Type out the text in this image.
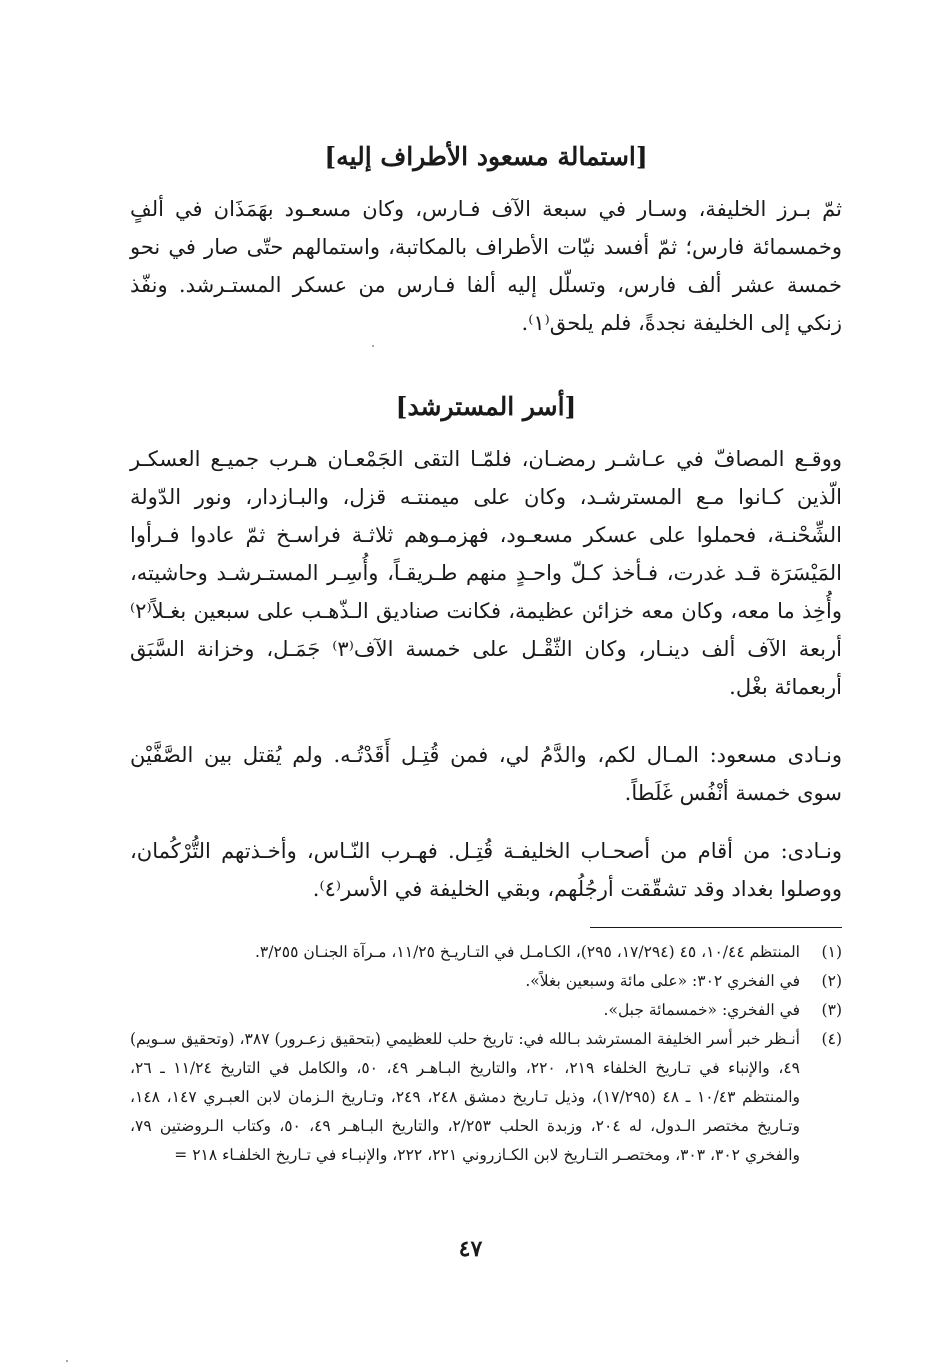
[استمالة مسعود الأطراف إليه]

ثمّ بـرز الخليفة، وسـار في سبعة الآف فـارس، وكان مسعـود بهَمَذَان في ألفٍ وخمسمائة فارس؛ ثمّ أفسد نيّات الأطراف بالمكاتبة، واستمالهم حتّى صار في نحو خمسة عشر ألف فارس، وتسلّل إليه ألفا فـارس من عسكر المستـرشد. ونفّذ زنكي إلى الخليفة نجدةً، فلم يلحق⁽١⁾.

[أسر المسترشد]

ووقـع المصافّ في عـاشـر رمضـان، فلمّـا التقى الجَمْعـان هـرب جميـع العسكـر الّذين كـانوا مـع المسترشـد، وكان على ميمنتـه قزل، والبـازدار، ونور الدّولة الشِّحْنـة، فحملوا على عسكر مسعـود، فهزمـوهم ثلاثـة فراسـخ ثمّ عادوا فـرأوا المَيْسَرَة قـد غدرت، فـأخذ كـلّ واحـدٍ منهم طـريقـاً، وأُسِـر المستـرشـد وحاشيته، وأُخِذ ما معه، وكان معه خزائن عظيمة، فكانت صناديق الـذّهـب على سبعين بغـلاً⁽٢⁾ أربعة الآف ألف دينـار، وكان الثّقْـل على خمسة الآف⁽٣⁾ جَمَـل، وخزانة السَّبَق أربعمائة بغْل.

ونـادى مسعود: المـال لكم، والدَّمُ لي، فمن قُتِـل أَقَدْتُـه. ولم يُقتل بين الصَّفَّيْن سوى خمسة أنْفُس غَلَطاً.

ونـادى: من أقام من أصحـاب الخليفـة قُتِـل. فهـرب النّـاس، وأخـذتهم التُّرْكُمان، ووصلوا بغداد وقد تشقّقت أرجُلُهم، وبقي الخليفة في الأسر⁽٤⁾.

(١)
المنتظم ١٠/٤٤، ٤٥ (١٧/٢٩٤، ٢٩٥)، الكـامـل في التـاريـخ ١١/٢٥، مـرآة الجنـان ٣/٢٥٥.
(٢)
في الفخري ٣٠٢: «على مائة وسبعين بغلاً».
(٣)
في الفخري: «خمسمائة جبل».
(٤)
أنـظر خبر أسر الخليفة المسترشد بـالله في: تاريخ حلب للعظيمي (بتحقيق زعـرور) ٣٨٧، (وتحقيق سـويم) ٤٩، والإنباء في تـاريخ الخلفاء ٢١٩، ٢٢٠، والتاريخ البـاهـر ٤٩، ٥٠، والكامل في التاريخ ١١/٢٤ ـ ٢٦، والمنتظم ١٠/٤٣ ـ ٤٨ (١٧/٢٩٥)، وذيل تـاريخ دمشق ٢٤٨، ٢٤٩، وتـاريخ الـزمان لابن العبـري ١٤٧، ١٤٨، وتـاريخ مختصر الـدول، له ٢٠٤، وزبدة الحلب ٢/٢٥٣، والتاريخ البـاهـر ٤٩، ٥٠، وكتاب الـروضتين ٧٩، والفخري ٣٠٢، ٣٠٣، ومختصـر التـاريخ لابن الكـازروني ٢٢١، ٢٢٢، والإنبـاء في تـاريخ الخلفـاء ٢١٨ =
٤٧
